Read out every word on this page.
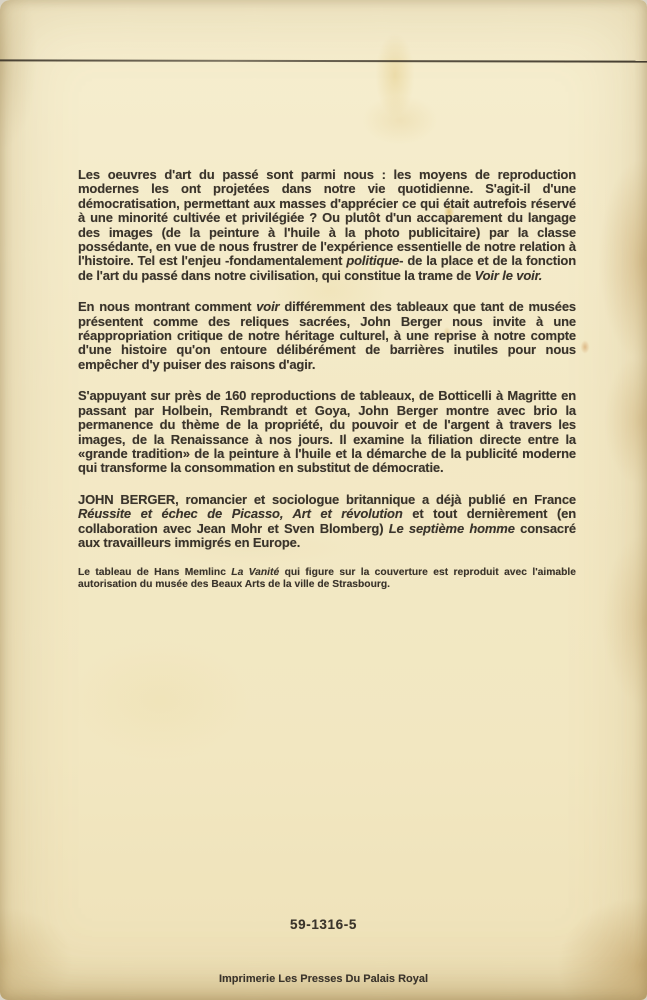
Les oeuvres d'art du passé sont parmi nous : les moyens de reproduction modernes les ont projetées dans notre vie quotidienne. S'agit-il d'une démocratisation, permettant aux masses d'apprécier ce qui était autrefois réservé à une minorité cultivée et privilégiée ? Ou plutôt d'un accaparement du langage des images (de la peinture à l'huile à la photo publicitaire) par la classe possédante, en vue de nous frustrer de l'expérience essentielle de notre relation à l'histoire. Tel est l'enjeu -fondamentalement politique- de la place et de la fonction de l'art du passé dans notre civilisation, qui constitue la trame de Voir le voir.

En nous montrant comment voir différemment des tableaux que tant de musées présentent comme des reliques sacrées, John Berger nous invite à une réappropriation critique de notre héritage culturel, à une reprise à notre compte d'une histoire qu'on entoure délibérément de barrières inutiles pour nous empêcher d'y puiser des raisons d'agir.

S'appuyant sur près de 160 reproductions de tableaux, de Botticelli à Magritte en passant par Holbein, Rembrandt et Goya, John Berger montre avec brio la permanence du thème de la propriété, du pouvoir et de l'argent à travers les images, de la Renaissance à nos jours. Il examine la filiation directe entre la «grande tradition» de la peinture à l'huile et la démarche de la publicité moderne qui transforme la consommation en substitut de démocratie.

JOHN BERGER, romancier et sociologue britannique a déjà publié en France Réussite et échec de Picasso, Art et révolution et tout dernièrement (en collaboration avec Jean Mohr et Sven Blomberg) Le septième homme consacré aux travailleurs immigrés en Europe.

Le tableau de Hans Memlinc La Vanité qui figure sur la couverture est reproduit avec l'aimable autorisation du musée des Beaux Arts de la ville de Strasbourg.

59-1316-5
Imprimerie Les Presses Du Palais Royal
